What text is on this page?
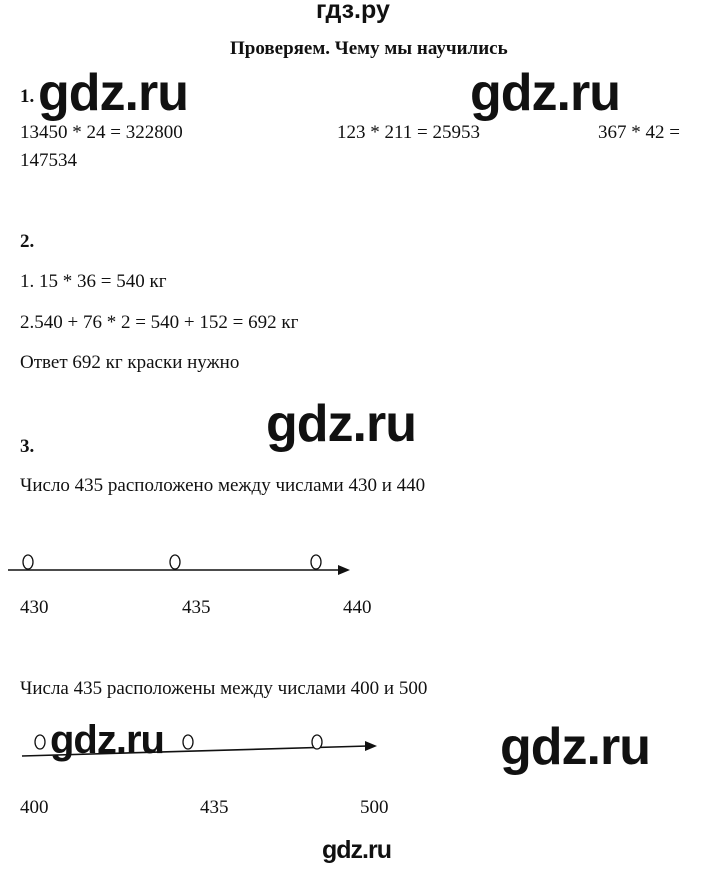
гдз.ру
Проверяем. Чему мы научились
1. gdz.ru	gdz.ru
13450 * 24 = 322800	123 * 211 = 25953	367 * 42 =
147534
2.
1. 15 * 36 = 540 кг
2.540 + 76 * 2 = 540 + 152 = 692 кг
Ответ 692 кг краски нужно
gdz.ru
3.
Число 435 расположено между числами 430 и 440
430	435	440
Числа 435 расположены между числами 400 и 500
gdz.ru	gdz.ru
400	435	500
gdz.ru
